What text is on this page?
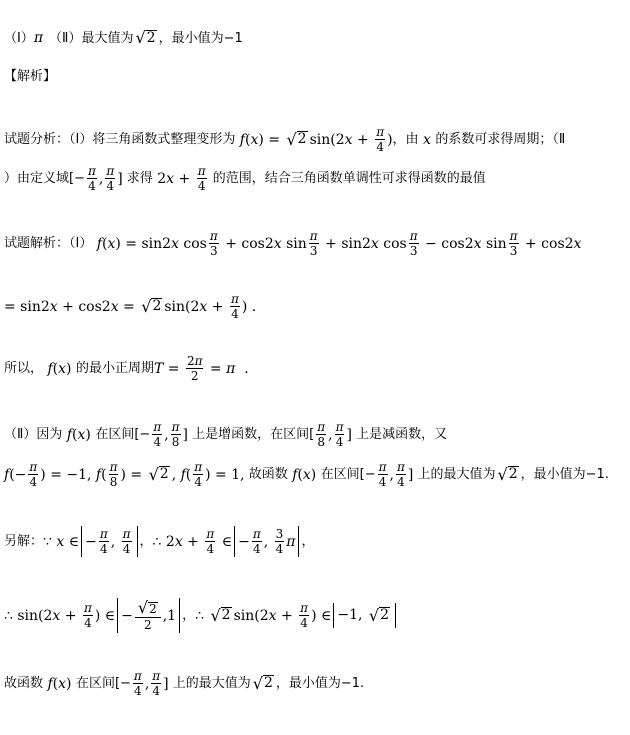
（Ⅰ） π （Ⅱ）最大值为 √ 2 ，最小值为−1
【解析】
试题分析：（Ⅰ）将三角函数式整理变形为 f ( x ) = √ 2 sin(2 $x + \frac{\pi}{4}$ ) ，由
x
的系数可求得周期；（Ⅱ
）由定义域[− $\frac{\pi}{4}$ , $\frac{\pi}{4}$ ] 求得 2 $x + \frac{\pi}{4}$ 的范围，结合三角函数单调性可求得函数的最值
试题解析：（Ⅰ）
f ( x ) = sin2 x $\cos \frac{\pi}{3} + \cos 2$ x $\sin \frac{\pi}{3} + \sin 2$ x $\cos \frac{\pi}{3} - \cos 2$ x $\sin \frac{\pi}{3} + \cos 2$ x
= sin2 x + cos2 x = √ 2 sin(2 $x + \frac{\pi}{4}$ ) .
所以，
f ( x ) 的最小正周期 $T = \frac{2\pi}{2} = \pi$ .
（Ⅱ）因为
f ( x ) 在区间[− $\frac{\pi}{4}$ , $\frac{\pi}{8}$ ] 上是增函数，在区间[ $\frac{\pi}{8}$ , $\frac{\pi}{4}$ ] 上是减函数，又
f (− $\frac{\pi}{4}$ ) = −1, f ( $\frac{\pi}{8}$ ) = √ 2 , f ( $\frac{\pi}{4}$ ) = 1, 故函数
f ( x ) 在区间[− $\frac{\pi}{4}$ , $\frac{\pi}{4}$ ] 上的最大值为 √ 2 ，最小值为−1.
另解： ∵ x ∈ − $\frac{\pi}{4}$ , $\frac{\pi}{4}$ ， ∴ 2 $x + \frac{\pi}{4}$ ∈ − $\frac{\pi}{4}$ , $\frac{3}{4}$ π ，
∴ sin(2 $x + \frac{\pi}{4}$ ) ∈ − $\frac{√ 2}{2} ,1$ ， ∴ √ 2 sin(2 $x + \frac{\pi}{4}$ ) ∈ −1, √ 2
故函数
f ( x ) 在区间[− $\frac{\pi}{4}$ , $\frac{\pi}{4}$ ] 上的最大值为 √ 2 ，最小值为−1.
